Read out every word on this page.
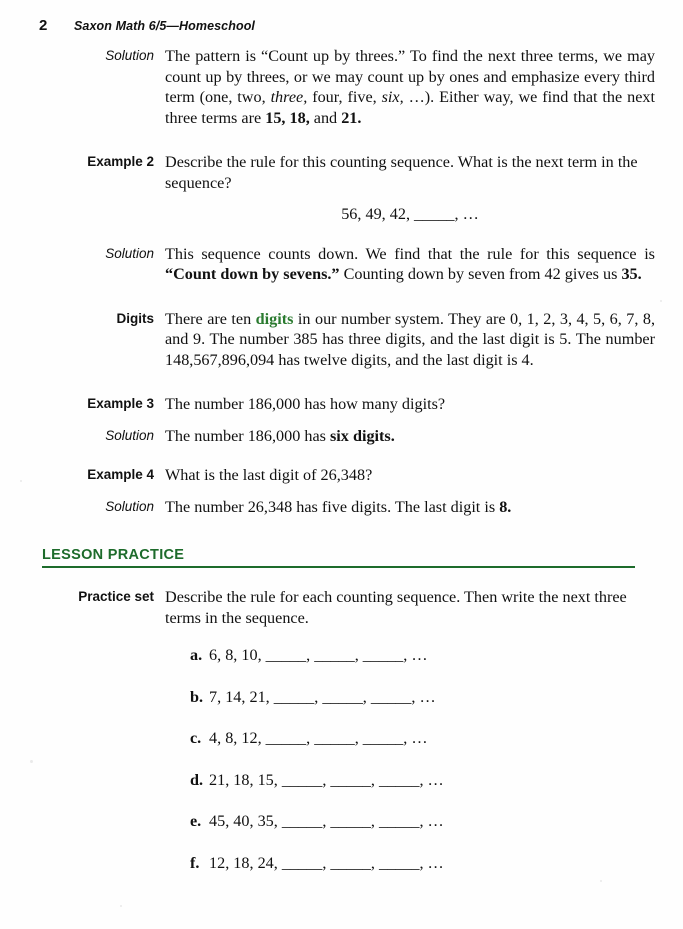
2 Saxon Math 6/5—Homeschool
Solution The pattern is “Count up by threes.” To find the next three terms, we may count up by threes, or we may count up by ones and emphasize every third term (one, two, three, four, five, six, …). Either way, we find that the next three terms are 15, 18, and 21.
Example 2 Describe the rule for this counting sequence. What is the next term in the sequence?
56, 49, 42, _____, …
Solution This sequence counts down. We find that the rule for this sequence is “Count down by sevens.” Counting down by seven from 42 gives us 35.
Digits There are ten digits in our number system. They are 0, 1, 2, 3, 4, 5, 6, 7, 8, and 9. The number 385 has three digits, and the last digit is 5. The number 148,567,896,094 has twelve digits, and the last digit is 4.
Example 3 The number 186,000 has how many digits?
Solution The number 186,000 has six digits.
Example 4 What is the last digit of 26,348?
Solution The number 26,348 has five digits. The last digit is 8.
LESSON PRACTICE
Practice set Describe the rule for each counting sequence. Then write the next three terms in the sequence.
a. 6, 8, 10, _____, _____, _____, …
b. 7, 14, 21, _____, _____, _____, …
c. 4, 8, 12, _____, _____, _____, …
d. 21, 18, 15, _____, _____, _____, …
e. 45, 40, 35, _____, _____, _____, …
f. 12, 18, 24, _____, _____, _____, …
